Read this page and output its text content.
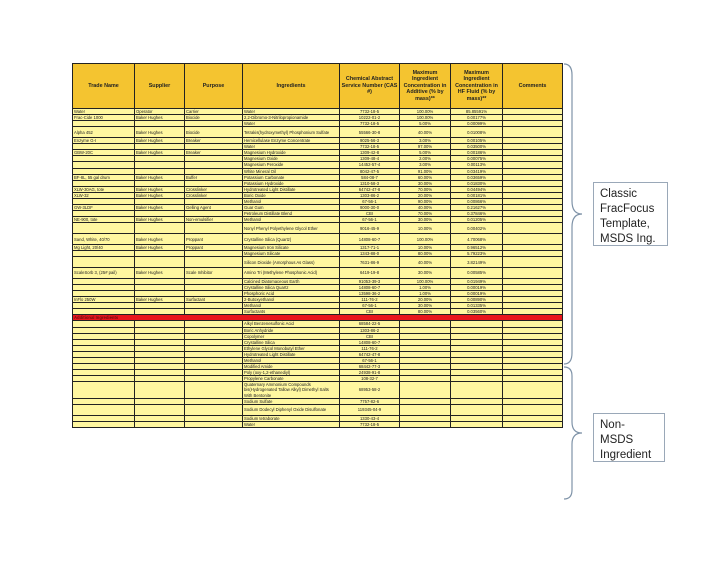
Trade Name	Supplier	Purpose	Ingredients	Chemical Abstract Service Number (CAS #)	Maximum Ingredient Concentration in Additive (% by mass)**	Maximum Ingredient Concentration in HF Fluid (% by mass)**	Comments
Water	Operator	Carrier	Water	7732-18-5	100.00%	85.85591%	
Frac-Cide 1000	Baker Hughes	Biocide	2,2-Dibromo-3-Nitrilopropionamide	10222-01-2	100.00%	0.00177%	
			Water	7732-18-5	5.00%	0.00099%	
Alpha 452	Baker Hughes	Biocide	Tetrakis(hydroxymethyl) Phosphonium Sulfate	55566-30-8	40.00%	0.01008%	
Enzyme G-I	Baker Hughes	Breaker	Hemicellulase Enzyme Concentrate	9025-56-3	3.00%	0.00105%	
			Water	7732-18-5	97.00%	0.03500%	
GBW-20C	Baker Hughes	Breaker	Magnesium Hydroxide	1309-42-8	5.00%	0.00186%	
			Magnesium Oxide	1309-48-4	2.00%	0.00075%	
			Magnesium Peroxide	14452-57-4	3.00%	0.00113%	
			White Mineral Oil	8042-47-5	91.00%	0.03419%	
BF-8L, 55 gal drum	Baker Hughes	Buffer	Potassium Carbonate	584-08-7	60.00%	0.03659%	
			Potassium Hydroxide	1310-58-3	30.00%	0.01830%	
XLW-30AG, tote	Baker Hughes	Crosslinker	Hydrotreated Light Distillate	64742-47-8	70.00%	0.04494%	
XLW-32	Baker Hughes	Crosslinker	Boric Oxide	1303-86-2	20.00%	0.00181%	
			Methanol	67-56-1	90.00%	0.00866%	
GW-3LDF	Baker Hughes	Gelling Agent	Guar Gum	9000-30-0	40.00%	0.21627%	
			Petroleum Distillate Blend	CBI	70.00%	0.37846%	
NE-900, tote	Baker Hughes	Non-emulsifier	Methanol	67-56-1	30.00%	0.01205%	
			Nonyl Phenyl Polyethylene Glycol Ether	9016-45-9	10.00%	0.00402%	
Sand, White, 40/70	Baker Hughes	Proppant	Crystalline Silica (Quartz)	14808-60-7	100.00%	4.70068%	
Mg Light, 20/40	Baker Hughes	Proppant	Magnesium Iron Silicate	1317-71-1	10.00%	0.96512%	
			Magnesium Silicate	1343-88-0	80.00%	5.79223%	
			Silicon Dioxide (Amorphous As Glass)	7631-86-9	40.00%	3.82149%	
ScaleSorb 3, (25# pail)	Baker Hughes	Scale Inhibitor	Amino Tri (Methylene Phosphonic Acid)	6419-19-8	30.00%	0.00585%	
			Calcined Diatomaceous Earth	91053-39-3	100.00%	0.01949%	
			Crystalline Silica Quartz	14808-60-7	1.00%	0.00019%	
			Phosphoric Acid	13598-36-2	1.00%	0.00019%	
InFlo 250W	Baker Hughes	Surfactant	2-Butoxyethanol	111-76-2	20.00%	0.00890%	
			Methanol	67-56-1	30.00%	0.01335%	
			Surfactants	CBI	80.00%	0.03560%	
Additional Ingredients							
			Alkyl Benzenesulfonic Acid	68584-22-5			
			Boric Anhydride	1303-86-2			
			Copolymer	CBI			
			Crystalline Silica	14808-60-7			
			Ethylene Glycol Monobutyl Ether	111-76-2			
			Hydrotreated Light Distillate	64742-47-8			
			Methanol	67-56-1			
			Modified Amide	68442-77-3			
			Poly (oxy-1,2-ethanediyl)	24938-91-8			
			Propylene Carbonate	108-32-7			
			Quaternary Ammonium Compounds bis(Hydrogenated Tallow Alkyl) Dimethyl Salts With Bentonite	68953-58-2			
			Sodium Sulfate	7757-82-6			
			Sodium Dodecyl Diphenyl Oxide Disulfonate	119345-04-9			
			Sodium tetraborate	1330-43-4			
			Water	7732-18-5			
Classic FracFocus Template, MSDS Ing.
Non-MSDS Ingredient
